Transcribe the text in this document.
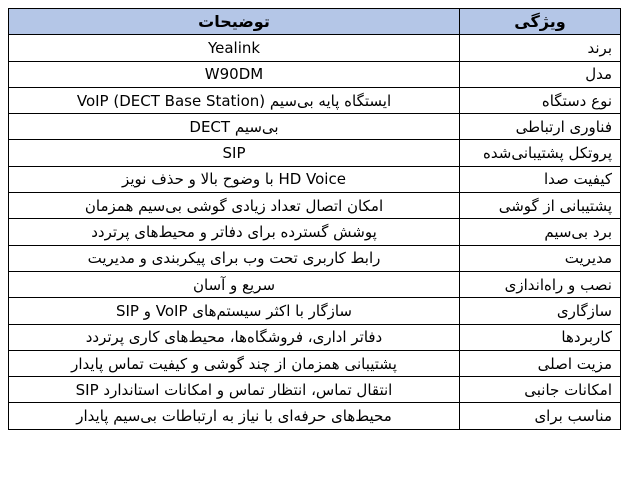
ویژگی	توضیحات
برند	Yealink
مدل	W90DM
نوع دستگاه	ایستگاه پایه بی‌سیم VoIP (DECT Base Station)
فناوری ارتباطی	بی‌سیم DECT
پروتکل پشتیبانی‌شده	SIP
کیفیت صدا	HD Voice با وضوح بالا و حذف نویز
پشتیبانی از گوشی	امکان اتصال تعداد زیادی گوشی بی‌سیم همزمان
برد بی‌سیم	پوشش گسترده برای دفاتر و محیط‌های پرتردد
مدیریت	رابط کاربری تحت وب برای پیکربندی و مدیریت
نصب و راه‌اندازی	سریع و آسان
سازگاری	سازگار با اکثر سیستم‌های VoIP و SIP
کاربردها	دفاتر اداری، فروشگاه‌ها، محیط‌های کاری پرتردد
مزیت اصلی	پشتیبانی همزمان از چند گوشی و کیفیت تماس پایدار
امکانات جانبی	انتقال تماس، انتظار تماس و امکانات استاندارد SIP
مناسب برای	محیط‌های حرفه‌ای با نیاز به ارتباطات بی‌سیم پایدار
